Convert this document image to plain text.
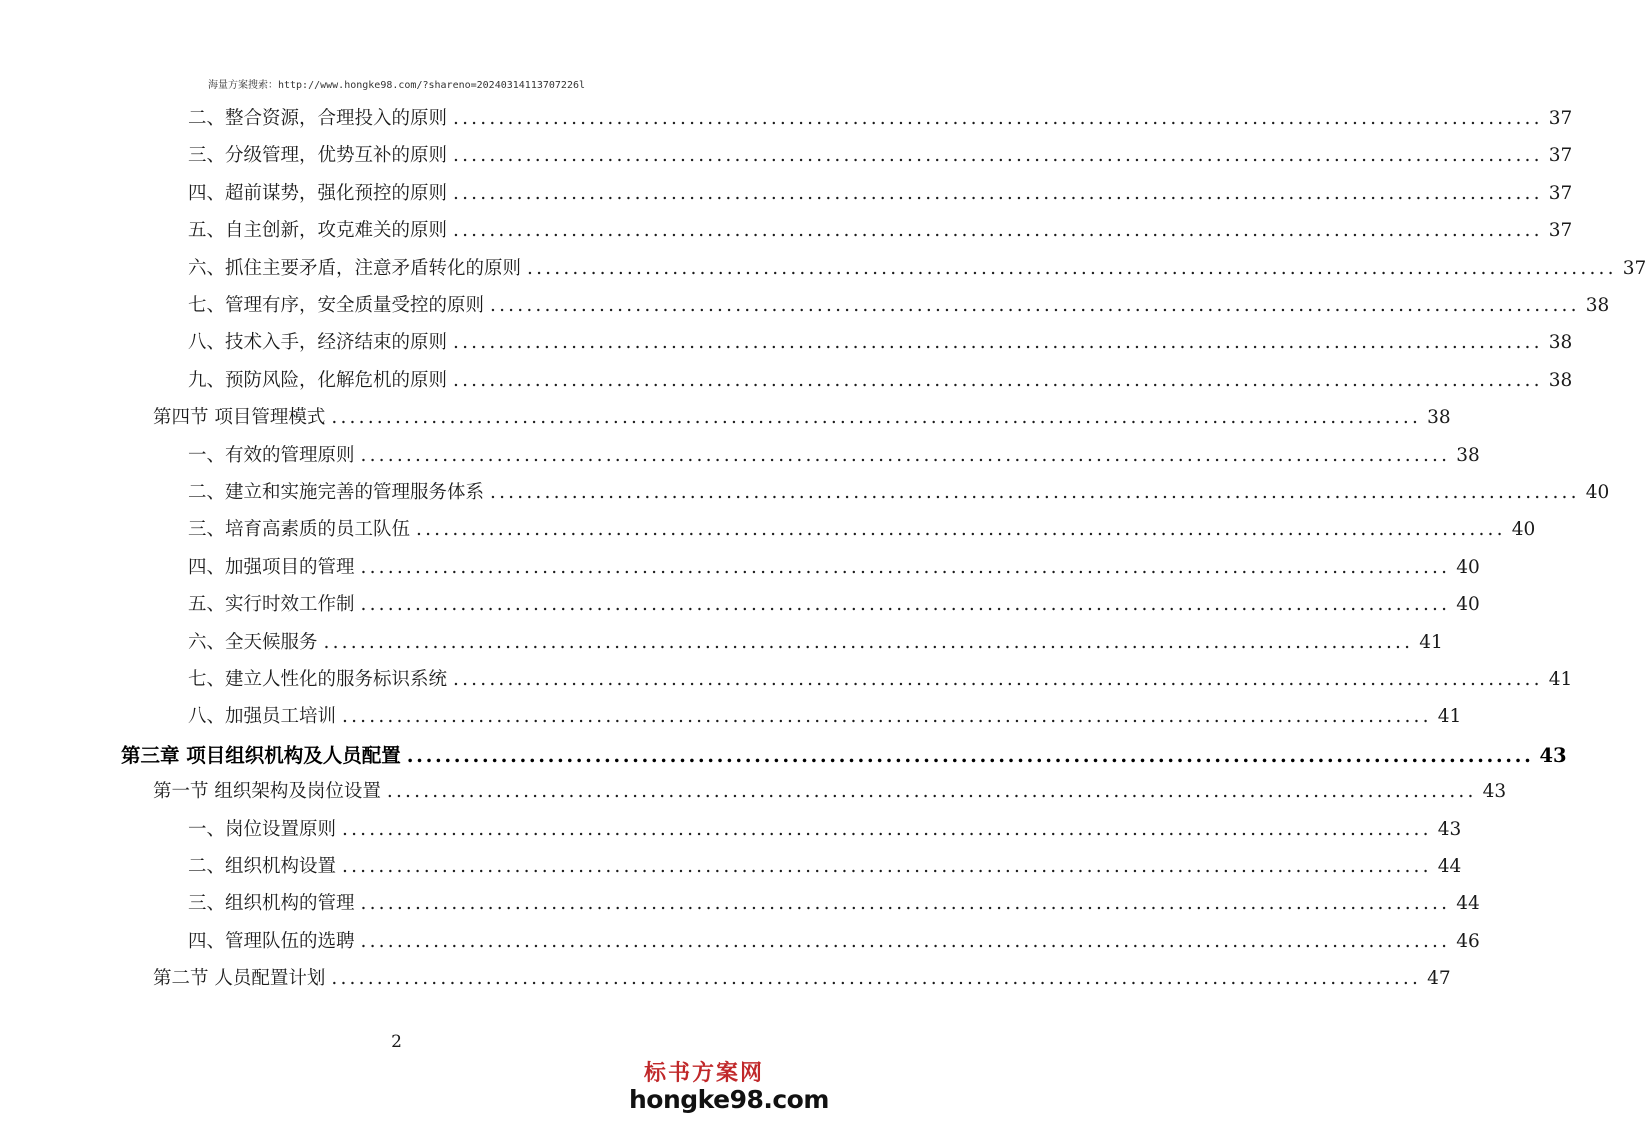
海量方案搜索：http://www.hongke98.com/?shareno=20240314113707226l
二、整合资源，合理投入的原则 ........................................................................................................................ 37
三、分级管理，优势互补的原则 ........................................................................................................................ 37
四、超前谋势，强化预控的原则 ........................................................................................................................ 37
五、自主创新，攻克难关的原则 ........................................................................................................................ 37
六、抓住主要矛盾，注意矛盾转化的原则 ........................................................................................................................ 37
七、管理有序，安全质量受控的原则 ........................................................................................................................ 38
八、技术入手，经济结束的原则 ........................................................................................................................ 38
九、预防风险，化解危机的原则 ........................................................................................................................ 38
第四节 项目管理模式 ........................................................................................................................ 38
一、有效的管理原则 ........................................................................................................................ 38
二、建立和实施完善的管理服务体系 ........................................................................................................................ 40
三、培育高素质的员工队伍 ........................................................................................................................ 40
四、加强项目的管理 ........................................................................................................................ 40
五、实行时效工作制 ........................................................................................................................ 40
六、全天候服务 ........................................................................................................................ 41
七、建立人性化的服务标识系统 ........................................................................................................................ 41
八、加强员工培训 ........................................................................................................................ 41
第三章 项目组织机构及人员配置 ........................................................................................................................ 43
第一节 组织架构及岗位设置 ........................................................................................................................ 43
一、岗位设置原则 ........................................................................................................................ 43
二、组织机构设置 ........................................................................................................................ 44
三、组织机构的管理 ........................................................................................................................ 44
四、管理队伍的选聘 ........................................................................................................................ 46
第二节 人员配置计划 ........................................................................................................................ 47
2
标书方案网
hongke98.com
